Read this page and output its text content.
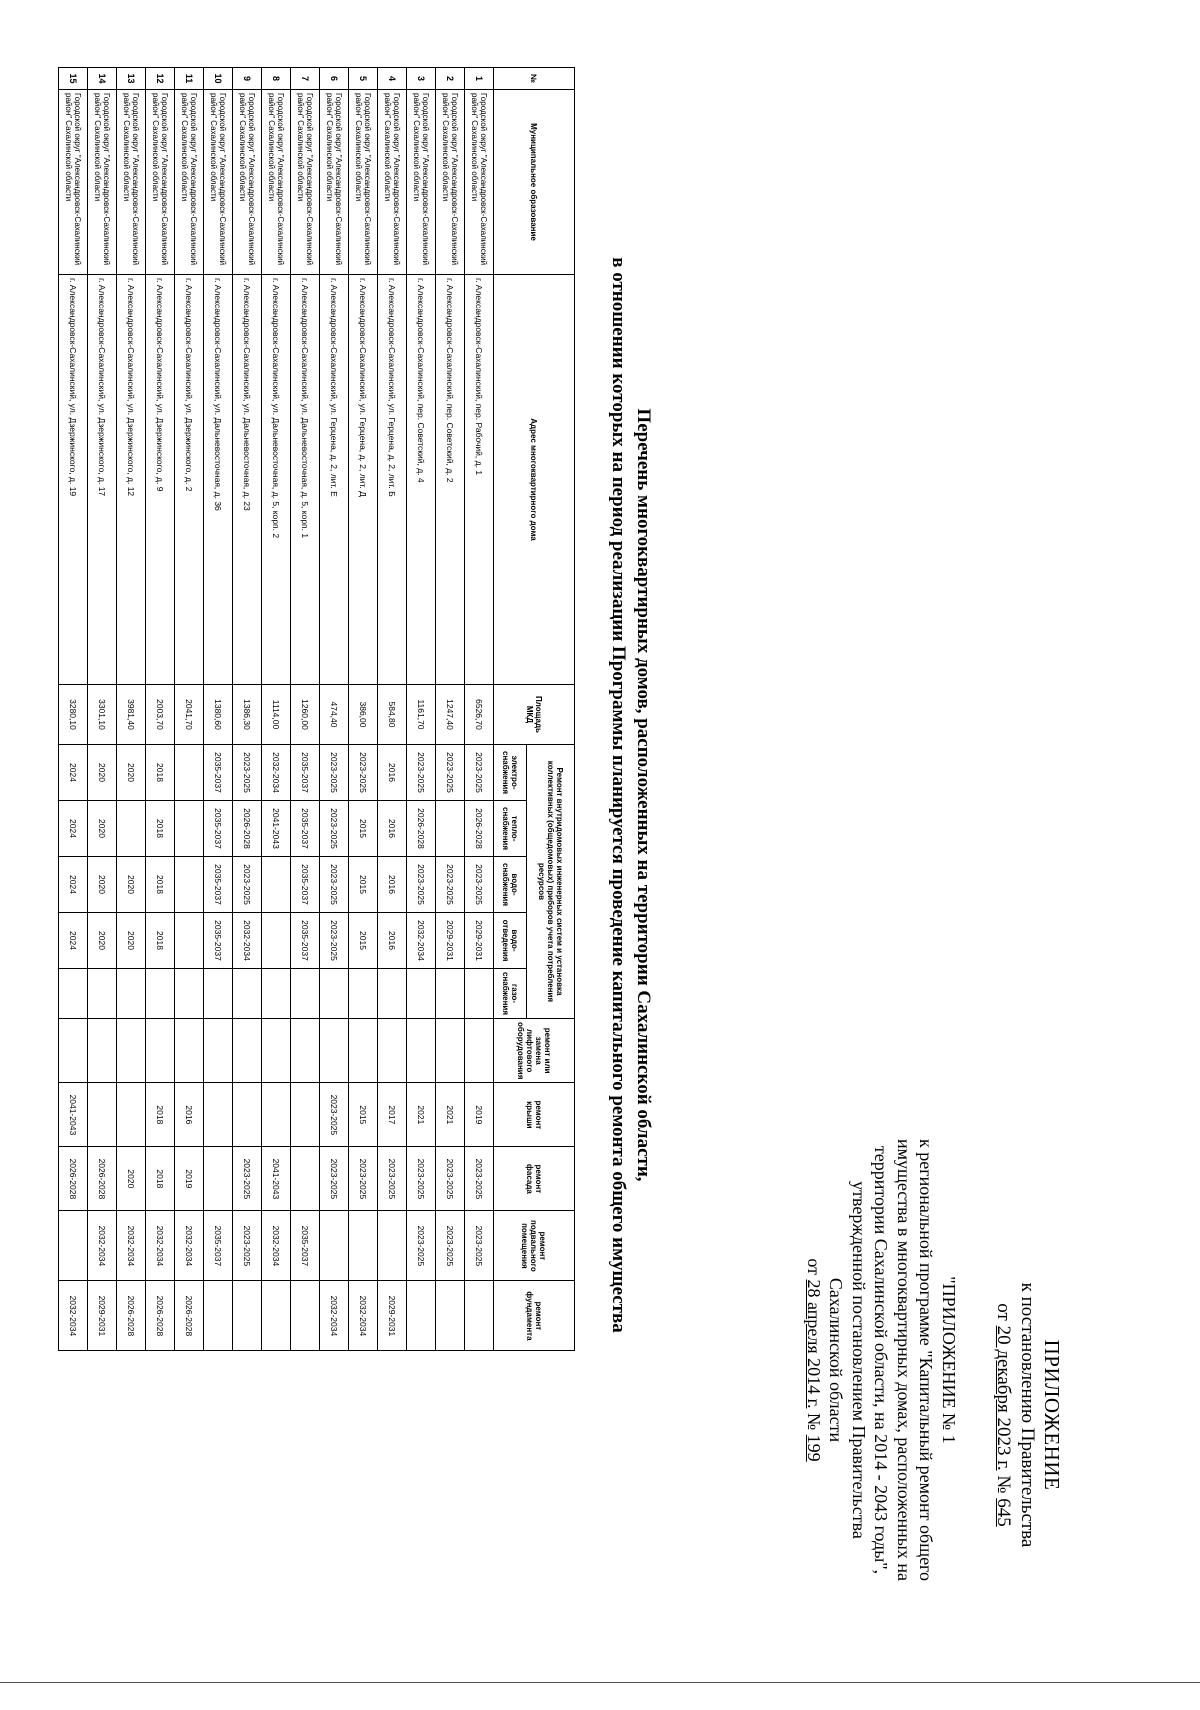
ПРИЛОЖЕНИЕ
к постановлению Правительства
от 20 декабря 2023 г. № 645
"ПРИЛОЖЕНИЕ № 1
к региональной программе "Капитальный ремонт общего
имущества в многоквартирных домах, расположенных на
территории Сахалинской области, на 2014 - 2043 годы",
утвержденной постановлением Правительства
Сахалинской области
от 28 апреля 2014 г. № 199
Перечень многоквартирных домов, расположенных на территории Сахалинской области,
в отношении которых на период реализации Программы планируется проведение капитального ремонта общего имущества
№	Муниципальное образование	Адрес многоквартирного дома	Площадь МКД	Ремонт внутридомовых инженерных систем и установка коллективных (общедомовых) приборов учета потребления ресурсов					ремонт или замена лифтового оборудования	ремонт крыши	ремонт фасада	ремонт подвального помещения	ремонт фундамента
				электро-снабжения	тепло-снабжения	водо-снабжения	водо-отведения	газо-снабжения					
1	Городской округ "Александровск-Сахалинский район" Сахалинской области	г. Александровск-Сахалинский, пер. Рабочий, д. 1	6526,70	2023-2025	2026-2028	2023-2025	2029-2031			2019	2023-2025	2023-2025	
2	Городской округ "Александровск-Сахалинский район" Сахалинской области	г. Александровск-Сахалинский, пер. Советский, д. 2	1247,40	2023-2025		2023-2025	2029-2031			2021	2023-2025	2023-2025	
3	Городской округ "Александровск-Сахалинский район" Сахалинской области	г. Александровск-Сахалинский, пер. Советский, д. 4	1161,70	2023-2025	2026-2028	2023-2025	2032-2034			2021	2023-2025	2023-2025	
4	Городской округ "Александровск-Сахалинский район" Сахалинской области	г. Александровск-Сахалинский, ул. Герцена, д. 2, лит. Б	584,80	2016	2016	2016	2016			2017	2023-2025		2029-2031
5	Городской округ "Александровск-Сахалинский район" Сахалинской области	г. Александровск-Сахалинский, ул. Герцена, д. 2, лит. Д	386,00	2023-2025	2015	2015	2015			2015	2023-2025		2032-2034
6	Городской округ "Александровск-Сахалинский район" Сахалинской области	г. Александровск-Сахалинский, ул. Герцена, д. 2, лит. Е	474,40	2023-2025	2023-2025	2023-2025	2023-2025			2023-2025	2023-2025		2032-2034
7	Городской округ "Александровск-Сахалинский район" Сахалинской области	г. Александровск-Сахалинский, ул. Дальневосточная, д. 5, корп. 1	1260,00	2035-2037	2035-2037	2035-2037	2035-2037					2035-2037	
8	Городской округ "Александровск-Сахалинский район" Сахалинской области	г. Александровск-Сахалинский, ул. Дальневосточная, д. 5, корп. 2	1114,00	2032-2034	2041-2043						2041-2043	2032-2034	
9	Городской округ "Александровск-Сахалинский район" Сахалинской области	г. Александровск-Сахалинский, ул. Дальневосточная, д. 23	1386,30	2023-2025	2026-2028	2023-2025	2032-2034				2023-2025	2023-2025	
10	Городской округ "Александровск-Сахалинский район" Сахалинской области	г. Александровск-Сахалинский, ул. Дальневосточная, д. 36	1380,60	2035-2037	2035-2037	2035-2037	2035-2037					2035-2037	
11	Городской округ "Александровск-Сахалинский район" Сахалинской области	г. Александровск-Сахалинский, ул. Дзержинского, д. 2	2041,70							2016	2019	2032-2034	2026-2028
12	Городской округ "Александровск-Сахалинский район" Сахалинской области	г. Александровск-Сахалинский, ул. Дзержинского, д. 9	2003,70	2018	2018	2018	2018			2018	2018	2032-2034	2026-2028
13	Городской округ "Александровск-Сахалинский район" Сахалинской области	г. Александровск-Сахалинский, ул. Дзержинского, д. 12	3981,40	2020		2020	2020				2020	2032-2034	2026-2028
14	Городской округ "Александровск-Сахалинский район" Сахалинской области	г. Александровск-Сахалинский, ул. Дзержинского, д. 17	3301,10	2020	2020	2020	2020				2026-2028	2032-2034	2029-2031
15	Городской округ "Александровск-Сахалинский район" Сахалинской области	г. Александровск-Сахалинский, ул. Дзержинского, д. 19	3280,10	2024	2024	2024	2024			2041-2043	2026-2028		2032-2034
